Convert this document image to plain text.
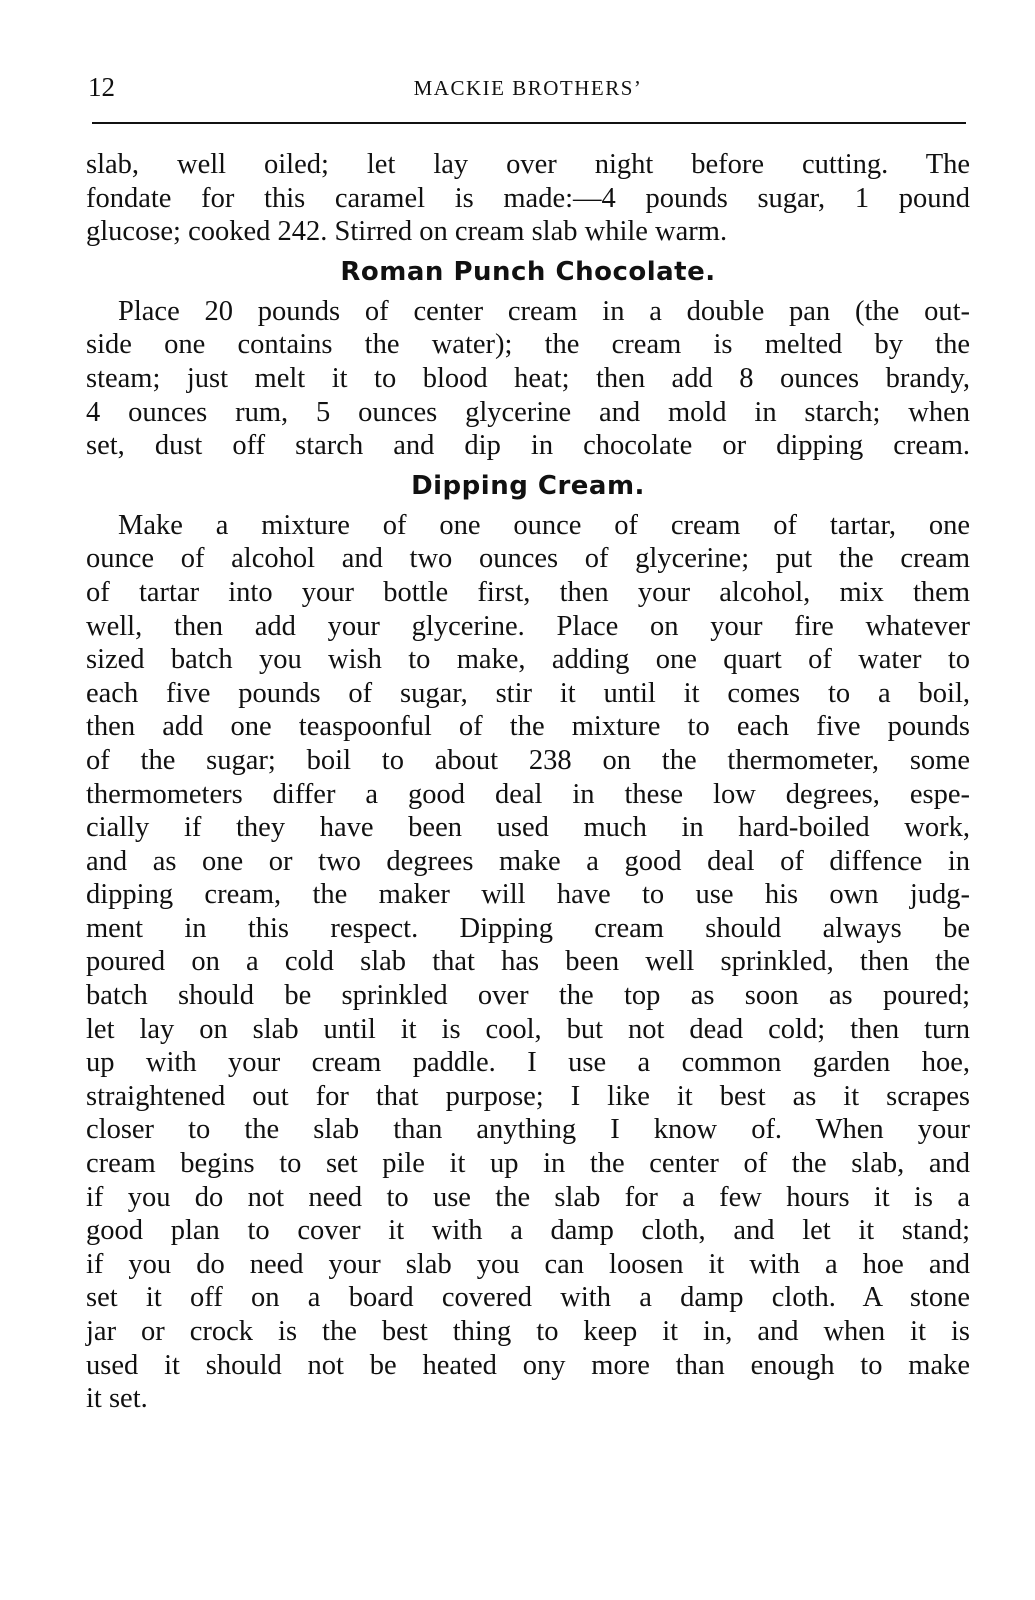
12	MACKIE BROTHERS’
slab, well oiled; let lay over night before cutting. The
fondate for this caramel is made:—4 pounds sugar, 1 pound
glucose; cooked 242. Stirred on cream slab while warm.
Roman Punch Chocolate.
Place 20 pounds of center cream in a double pan (the out-
side one contains the water); the cream is melted by the
steam; just melt it to blood heat; then add 8 ounces brandy,
4 ounces rum, 5 ounces glycerine and mold in starch; when
set, dust off starch and dip in chocolate or dipping cream.
Dipping Cream.
Make a mixture of one ounce of cream of tartar, one
ounce of alcohol and two ounces of glycerine; put the cream
of tartar into your bottle first, then your alcohol, mix them
well, then add your glycerine. Place on your fire whatever
sized batch you wish to make, adding one quart of water to
each five pounds of sugar, stir it until it comes to a boil,
then add one teaspoonful of the mixture to each five pounds
of the sugar; boil to about 238 on the thermometer, some
thermometers differ a good deal in these low degrees, espe-
cially if they have been used much in hard-boiled work,
and as one or two degrees make a good deal of diffence in
dipping cream, the maker will have to use his own judg-
ment in this respect. Dipping cream should always be
poured on a cold slab that has been well sprinkled, then the
batch should be sprinkled over the top as soon as poured;
let lay on slab until it is cool, but not dead cold; then turn
up with your cream paddle. I use a common garden hoe,
straightened out for that purpose; I like it best as it scrapes
closer to the slab than anything I know of. When your
cream begins to set pile it up in the center of the slab, and
if you do not need to use the slab for a few hours it is a
good plan to cover it with a damp cloth, and let it stand;
if you do need your slab you can loosen it with a hoe and
set it off on a board covered with a damp cloth. A stone
jar or crock is the best thing to keep it in, and when it is
used it should not be heated ony more than enough to make
it set.
